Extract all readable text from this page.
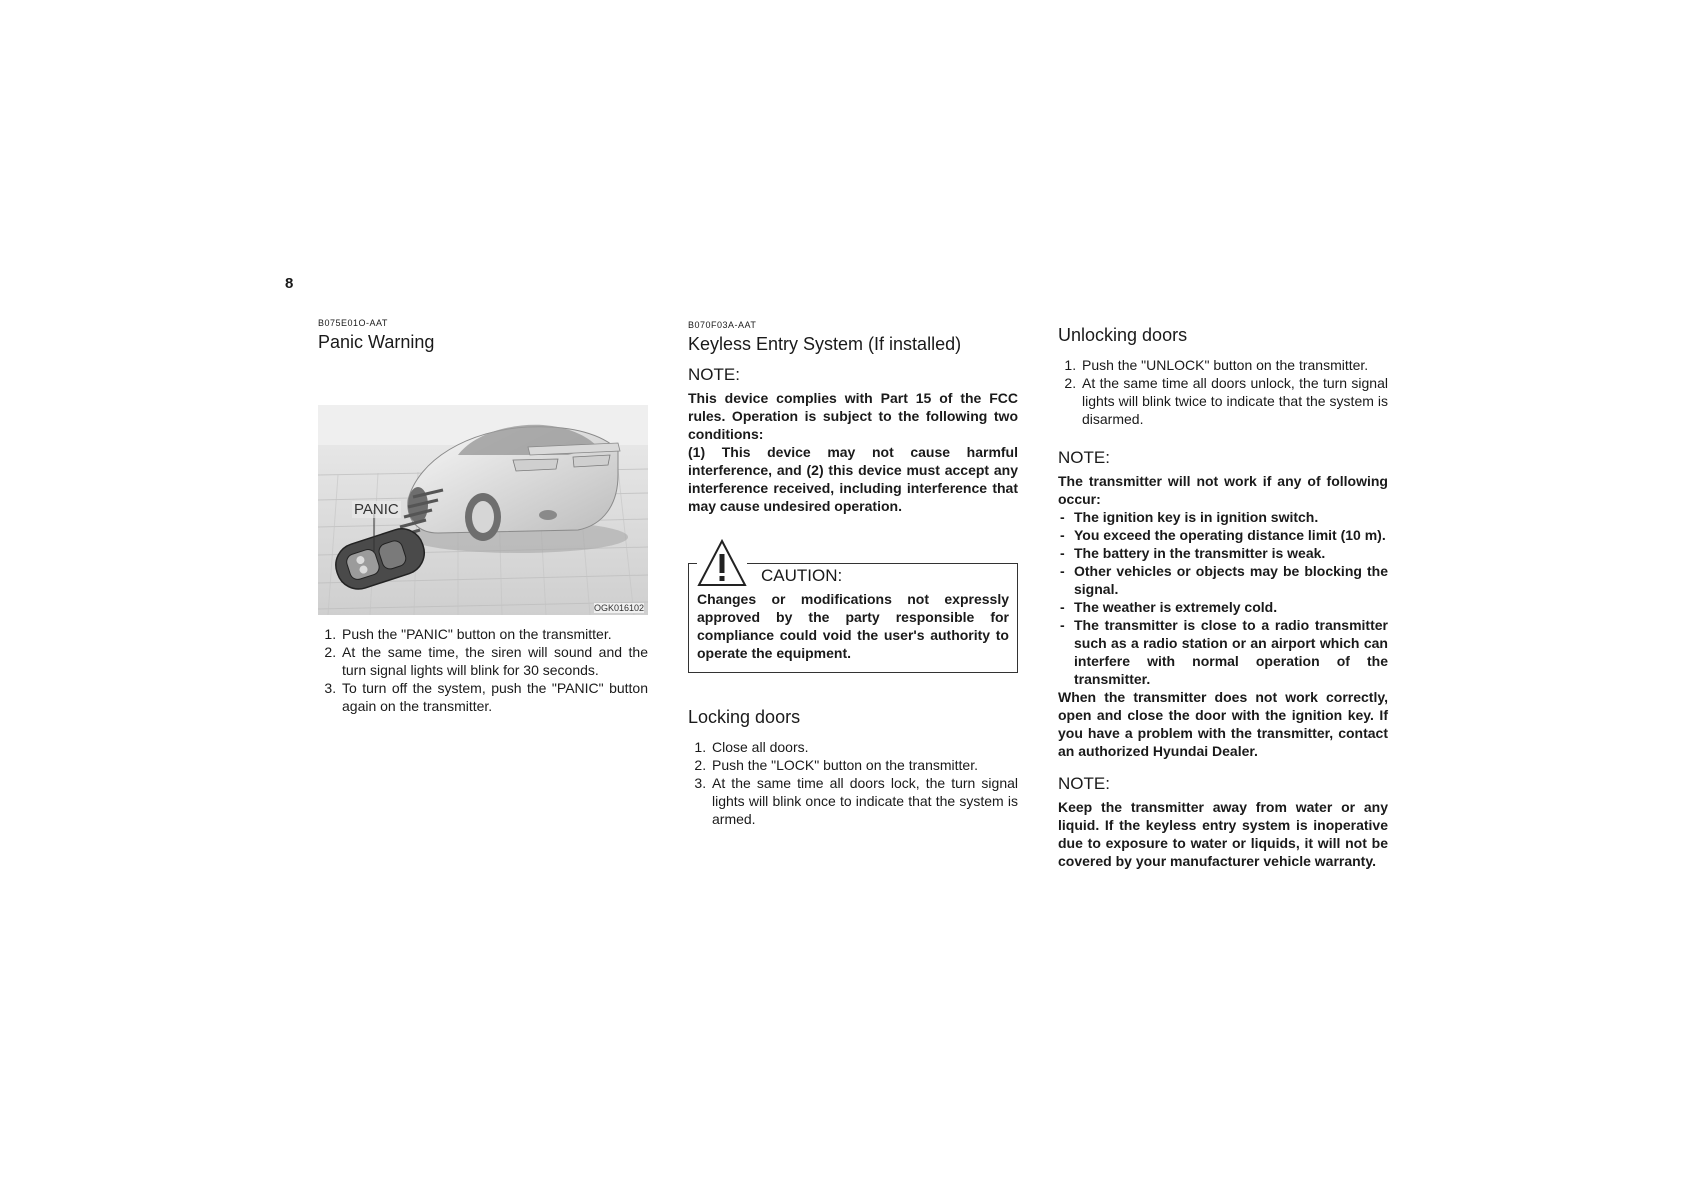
8
B075E01O-AAT
Panic Warning
PANIC
OGK016102
1. Push the "PANIC" button on the transmitter.
2. At the same time, the siren will sound and the turn signal lights will blink for 30 seconds.
3. To turn off the system, push the "PANIC" button again on the transmitter.
B070F03A-AAT
Keyless Entry System (If installed)
NOTE:

This device complies with Part 15 of the FCC rules. Operation is subject to the following two conditions:

(1) This device may not cause harmful interference, and (2) this device must accept any interference received, including interference that may cause undesired operation.

CAUTION:

Changes or modifications not expressly approved by the party responsible for compliance could void the user's authority to operate the equipment.

Locking doors
1. Close all doors.
2. Push the "LOCK" button on the transmitter.
3. At the same time all doors lock, the turn signal lights will blink once to indicate that the system is armed.
Unlocking doors
1. Push the "UNLOCK" button on the transmitter.
2. At the same time all doors unlock, the turn signal lights will blink twice to indicate that the system is disarmed.
NOTE:

The transmitter will not work if any of following occur:

- The ignition key is in ignition switch.
- You exceed the operating distance limit (10 m).
- The battery in the transmitter is weak.
- Other vehicles or objects may be blocking the signal.
- The weather is extremely cold.
- The transmitter is close to a radio transmitter such as a radio station or an airport which can interfere with normal operation of the transmitter.

When the transmitter does not work correctly, open and close the door with the ignition key. If you have a problem with the transmitter, contact an authorized Hyundai Dealer.

NOTE:

Keep the transmitter away from water or any liquid. If the keyless entry system is inoperative due to exposure to water or liquids, it will not be covered by your manufacturer vehicle warranty.
